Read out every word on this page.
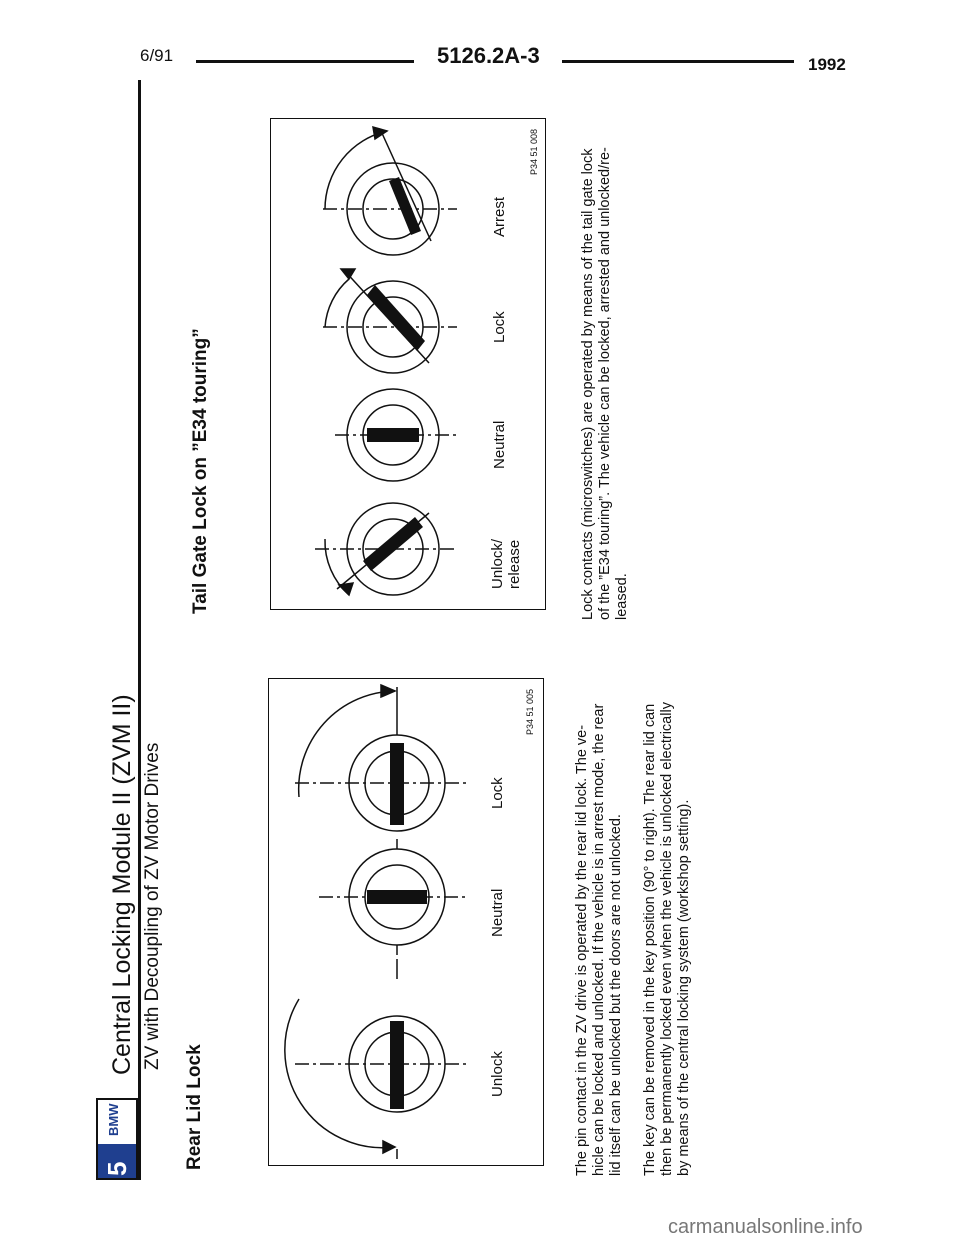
6/91	5126.2A-3	1992
5
BMW
Central Locking Module II (ZVM II) ZV with Decoupling of ZV Motor Drives
Rear Lid Lock	Unlock
Neutral
Lock
P34 51 005
The pin contact in the ZV drive is operated by the rear lid lock. The ve- hicle can be locked and unlocked. If the vehicle is in arrest mode, the rear lid itself can be unlocked but the doors are not unlocked. The key can be removed in the key position (90° to right). The rear lid can then be permanently locked even when the vehicle is unlocked electrically by means of the central locking system (workshop setting).
Tail Gate Lock on ”E34 touring”	Unlock/ release
Neutral
Lock
Arrest
P34 51 008	Lock contacts (microswitches) are operated by means of the tail gate lock of the ”E34 touring”. The vehicle can be locked, arrested and unlocked/re- leased.
carmanualsonline.info
